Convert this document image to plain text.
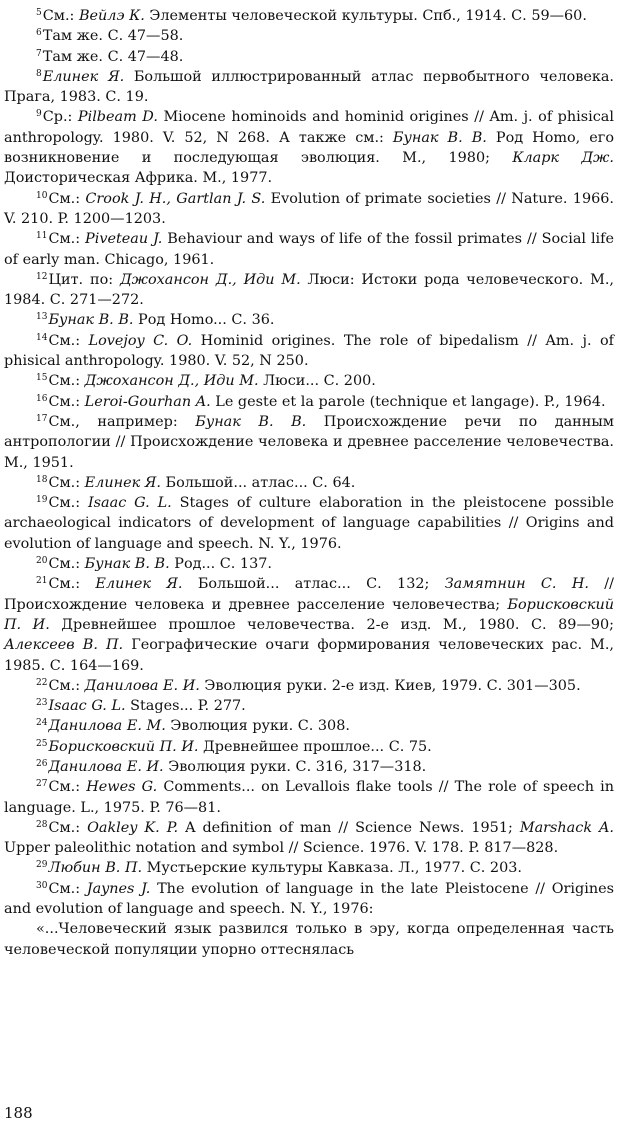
$^5$См.: Вейлэ К. Элементы человеческой культуры. Спб., 1914. С. 59—60.

$^6$Там же. С. 47—58.

$^7$Там же. С. 47—48.

$^8$Елинек Я. Большой иллюстрированный атлас первобытного человека. Прага, 1983. С. 19.

$^9$Ср.: Pilbeam D. Miocene hominoids and hominid origines // Am. j. of phisical anthropology. 1980. V. 52, N 268. А также см.: Бунак В. В. Род Homo, его возникновение и последующая эволюция. М., 1980; Кларк Дж. Доисторическая Африка. М., 1977.

$^{10}$См.: Crook J. H., Gartlan J. S. Evolution of primate societies // Nature. 1966. V. 210. P. 1200—1203.

$^{11}$См.: Piveteau J. Behaviour and ways of life of the fossil primates // Social life of early man. Chicago, 1961.

$^{12}$Цит. по: Джохансон Д., Иди М. Люси: Истоки рода человеческого. М., 1984. С. 271—272.

$^{13}$Бунак В. В. Род Homo... С. 36.

$^{14}$См.: Lovejoy C. O. Hominid origines. The role of bipedalism // Am. j. of phisical anthropology. 1980. V. 52, N 250.

$^{15}$См.: Джохансон Д., Иди М. Люси... С. 200.

$^{16}$См.: Leroi-Gourhan A. Le geste et la parole (technique et langage). P., 1964.

$^{17}$См., например: Бунак В. В. Происхождение речи по данным антропологии // Происхождение человека и древнее расселение человечества. М., 1951.

$^{18}$См.: Елинек Я. Большой... атлас... С. 64.

$^{19}$См.: Isaac G. L. Stages of culture elaboration in the pleistocene possible archaeological indicators of development of language capabilities // Origins and evolution of language and speech. N. Y., 1976.

$^{20}$См.: Бунак В. В. Род... С. 137.

$^{21}$См.: Елинек Я. Большой... атлас... С. 132; Замятнин С. Н. // Происхождение человека и древнее расселение человечества; Борисковский П. И. Древнейшее прошлое человечества. 2-е изд. М., 1980. С. 89—90; Алексеев В. П. Географические очаги формирования человеческих рас. М., 1985. С. 164—169.

$^{22}$См.: Данилова Е. И. Эволюция руки. 2-е изд. Киев, 1979. С. 301—305.

$^{23}$Isaac G. L. Stages... P. 277.

$^{24}$Данилова Е. М. Эволюция руки. С. 308.

$^{25}$Борисковский П. И. Древнейшее прошлое... С. 75.

$^{26}$Данилова Е. И. Эволюция руки. С. 316, 317—318.

$^{27}$См.: Hewes G. Comments... on Levallois flake tools // The role of speech in language. L., 1975. P. 76—81.

$^{28}$См.: Oakley K. P. A definition of man // Science News. 1951; Marshack A. Upper paleolithic notation and symbol // Science. 1976. V. 178. P. 817—828.

$^{29}$Любин В. П. Мустьерские культуры Кавказа. Л., 1977. С. 203.

$^{30}$См.: Jaynes J. The evolution of language in the late Pleistocene // Origines and evolution of language and speech. N. Y., 1976:

«...Человеческий язык развился только в эру, когда определенная часть человеческой популяции упорно оттеснялась

188
